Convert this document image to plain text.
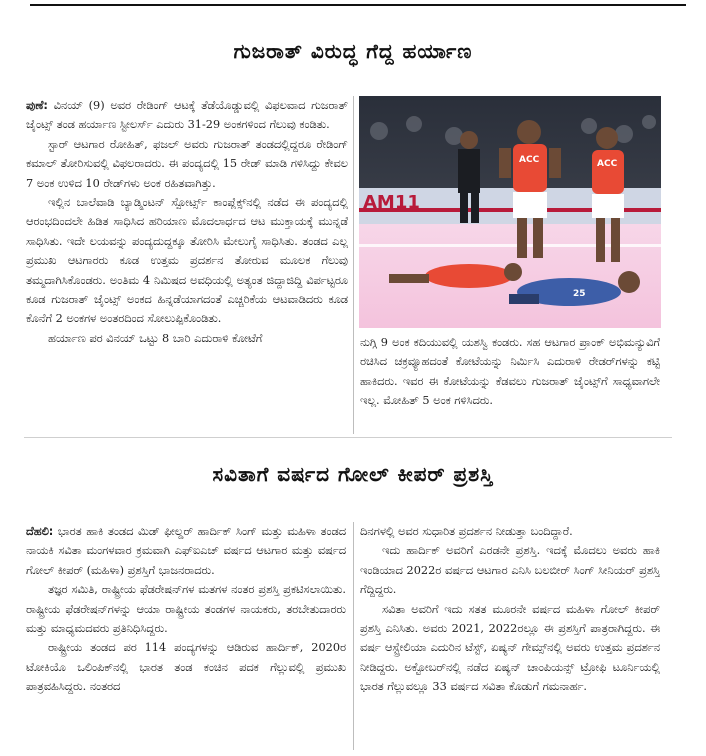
ಗುಜರಾತ್ ವಿರುದ್ಧ ಗೆದ್ದ ಹರ್ಯಾಣ

ಪುಣೆ: ವಿನಯ್ (9) ಅವರ ರೇಡಿಂಗ್ ಆಟಕ್ಕೆ ತೆಡೆಯೊಡ್ಡುವಲ್ಲಿ ವಿಫಲವಾದ ಗುಜರಾತ್ ಜೈಂಟ್ಸ್ ತಂಡ ಹರ್ಯಾಣ ಸ್ಟೀಲರ್ಸ್ ಎದುರು 31-29 ಅಂಕಗಳಿಂದ ಗೆಲುವು ಕಂಡಿತು.

ಸ್ಟಾರ್ ಆಟಗಾರ ರೋಹಿತ್, ಫಜಲ್ ಅವರು ಗುಜರಾತ್ ತಂಡದಲ್ಲಿದ್ದರೂ ರೇಡಿಂಗ್ ಕಮಾಲ್ ತೋರಿಸುವಲ್ಲಿ ವಿಫಲರಾದರು. ಈ ಪಂದ್ಯದಲ್ಲಿ 15 ರೇಡ್ ಮಾಡಿ ಗಳಿಸಿದ್ದು ಕೇವಲ 7 ಅಂಕ ಉಳಿದ 10 ರೇಡ್‌ಗಳು ಅಂಕ ರಹಿತವಾಗಿತ್ತು.

ಇಲ್ಲಿನ ಬಾಲೆವಾಡಿ ಬ್ಯಾಡ್ಮಿಂಟನ್ ಸ್ಪೋರ್ಟ್ಸ್ ಕಾಂಪ್ಲೆಕ್ಸ್‌ನಲ್ಲಿ ನಡೆದ ಈ ಪಂದ್ಯದಲ್ಲಿ ಆರಂಭದಿಂದಲೇ ಹಿಡಿತ ಸಾಧಿಸಿದ ಹರಿಯಾಣ ಮೊದಲಾರ್ಧದ ಆಟ ಮುಕ್ತಾಯಕ್ಕೆ ಮುನ್ನಡೆ ಸಾಧಿಸಿತು. ಇದೇ ಲಯವನ್ನು ಪಂದ್ಯದುದ್ದಕ್ಕೂ ತೋರಿಸಿ ಮೇಲುಗೈ ಸಾಧಿಸಿತು. ತಂಡದ ಎಲ್ಲ ಪ್ರಮುಖ ಆಟಗಾರರು ಕೂಡ ಉತ್ತಮ ಪ್ರದರ್ಶನ ತೋರುವ ಮೂಲಕ ಗೆಲುವು ತಮ್ಮದಾಗಿಸಿಕೊಂಡರು. ಅಂತಿಮ 4 ನಿಮಿಷದ ಅವಧಿಯಲ್ಲಿ ಅತ್ಯಂತ ಜಿದ್ದಾಜಿದ್ದಿ ವಿರ್ಪಟ್ಟರೂ ಕೂಡ ಗುಜರಾತ್ ಜೈಂಟ್ಸ್ ಅಂಕದ ಹಿನ್ನಡೆಯಾಗದಂತೆ ಎಚ್ಚರಿಕೆಯ ಆಟವಾಡಿದರು ಕೂಡ ಕೊನೆಗೆ 2 ಅಂಕಗಳ ಅಂತರದಿಂದ ಸೋಲುಪ್ಪಿಕೊಂಡಿತು.

ಹರ್ಯಾಣ ಪರ ವಿನಯ್ ಒಟ್ಟು 8 ಬಾರಿ ಎದುರಾಳಿ ಕೋಟೆಗೆ

AM11
ACC	ACC
25

ನುಗ್ಗಿ 9 ಅಂಕ ಕದಿಯುವಲ್ಲಿ ಯಶಸ್ವಿ ಕಂಡರು. ಸಹ ಆಟಗಾರ ಪ್ರಾಂಕ್ ಅಭಿಮನ್ಯುವಿಗೆ ರಚಿಸಿದ ಚಕ್ರವ್ಯೂಹದಂತೆ ಕೋಟೆಯನ್ನು ನಿರ್ಮಿಸಿ ಎದುರಾಳಿ ರೇಡರ್‌ಗಳನ್ನು ಕಟ್ಟಿ ಹಾಕಿದರು. ಇವರ ಈ ಕೋಟೆಯನ್ನು ಕೆಡವಲು ಗುಜರಾತ್ ಜೈಂಟ್ಸ್‌ಗೆ ಸಾಧ್ಯವಾಗಲೇ ಇಲ್ಲ. ಮೋಹಿತ್ 5 ಅಂಕ ಗಳಿಸಿದರು.

ಸವಿತಾಗೆ ವರ್ಷದ ಗೋಲ್ ಕೀಪರ್ ಪ್ರಶಸ್ತಿ

ದೆಹಲಿ: ಭಾರತ ಹಾಕಿ ತಂಡದ ಮಿಡ್ ಫೀಲ್ಡರ್ ಹಾರ್ದಿಕ್ ಸಿಂಗ್ ಮತ್ತು ಮಹಿಳಾ ತಂಡದ ನಾಯಕಿ ಸವಿತಾ ಮಂಗಳವಾರ ಕ್ರಮವಾಗಿ ಎಫ್‌ಐಎಚ್ ವರ್ಷದ ಆಟಗಾರ ಮತ್ತು ವರ್ಷದ ಗೋಲ್ ಕೀಪರ್ (ಮಹಿಳಾ) ಪ್ರಶಸ್ತಿಗೆ ಭಾಜನರಾದರು.

ತಜ್ಞರ ಸಮಿತಿ, ರಾಷ್ಟ್ರೀಯ ಫೆಡರೇಷನ್‌ಗಳ ಮತಗಳ ನಂತರ ಪ್ರಶಸ್ತಿ ಪ್ರಕಟಿಸಲಾಯಿತು. ರಾಷ್ಟ್ರೀಯ ಫೆಡರೇಷನ್‌ಗಳನ್ನು ಆಯಾ ರಾಷ್ಟ್ರೀಯ ತಂಡಗಳ ನಾಯಕರು, ತರಬೇತುದಾರರು ಮತ್ತು ಮಾಧ್ಯಮದವರು ಪ್ರತಿನಿಧಿಸಿದ್ದರು.

ರಾಷ್ಟ್ರೀಯ ತಂಡದ ಪರ 114 ಪಂದ್ಯಗಳನ್ನು ಆಡಿರುವ ಹಾರ್ದಿಕ್, 2020ರ ಟೋಕಿಯೊ ಒಲಿಂಪಿಕ್‌ನಲ್ಲಿ ಭಾರತ ತಂಡ ಕಂಚಿನ ಪದಕ ಗೆಲ್ಲುವಲ್ಲಿ ಪ್ರಮುಖ ಪಾತ್ರವಹಿಸಿದ್ದರು. ನಂತರದ

ದಿನಗಳಲ್ಲಿ ಅವರ ಸುಧಾರಿತ ಪ್ರದರ್ಶನ ನೀಡುತ್ತಾ ಬಂದಿದ್ದಾರೆ.

ಇದು ಹಾರ್ದಿಕ್ ಅವರಿಗೆ ಎರಡನೇ ಪ್ರಶಸ್ತಿ. ಇದಕ್ಕೆ ಮೊದಲು ಅವರು ಹಾಕಿ ಇಂಡಿಯಾದ 2022ರ ವರ್ಷದ ಆಟಗಾರ ಎನಿಸಿ ಬಲಬೀರ್ ಸಿಂಗ್ ಸೀನಿಯರ್ ಪ್ರಶಸ್ತಿ ಗೆದ್ದಿದ್ದರು.

ಸವಿತಾ ಅವರಿಗೆ ಇದು ಸತತ ಮೂರನೇ ವರ್ಷದ ಮಹಿಳಾ ಗೋಲ್ ಕೀಪರ್ ಪ್ರಶಸ್ತಿ ಎನಿಸಿತು. ಅವರು 2021, 2022ರಲ್ಲೂ ಈ ಪ್ರಶಸ್ತಿಗೆ ಪಾತ್ರರಾಗಿದ್ದರು. ಈ ವರ್ಷ ಆಸ್ಟ್ರೇಲಿಯಾ ಎದುರಿನ ಟೆಸ್ಟ್, ಏಷ್ಯನ್ ಗೇಮ್ಸ್‌ನಲ್ಲಿ ಅವರು ಉತ್ತಮ ಪ್ರದರ್ಶನ ನೀಡಿದ್ದರು. ಅಕ್ಟೋಬರ್‌ನಲ್ಲಿ ನಡೆದ ಏಷ್ಯನ್ ಚಾಂಪಿಯನ್ಸ್ ಟ್ರೋಫಿ ಟೂರ್ನಿಯಲ್ಲಿ ಭಾರತ ಗೆಲ್ಲುವಲ್ಲೂ 33 ವರ್ಷದ ಸವಿತಾ ಕೊಡುಗೆ ಗಮನಾರ್ಹ.
